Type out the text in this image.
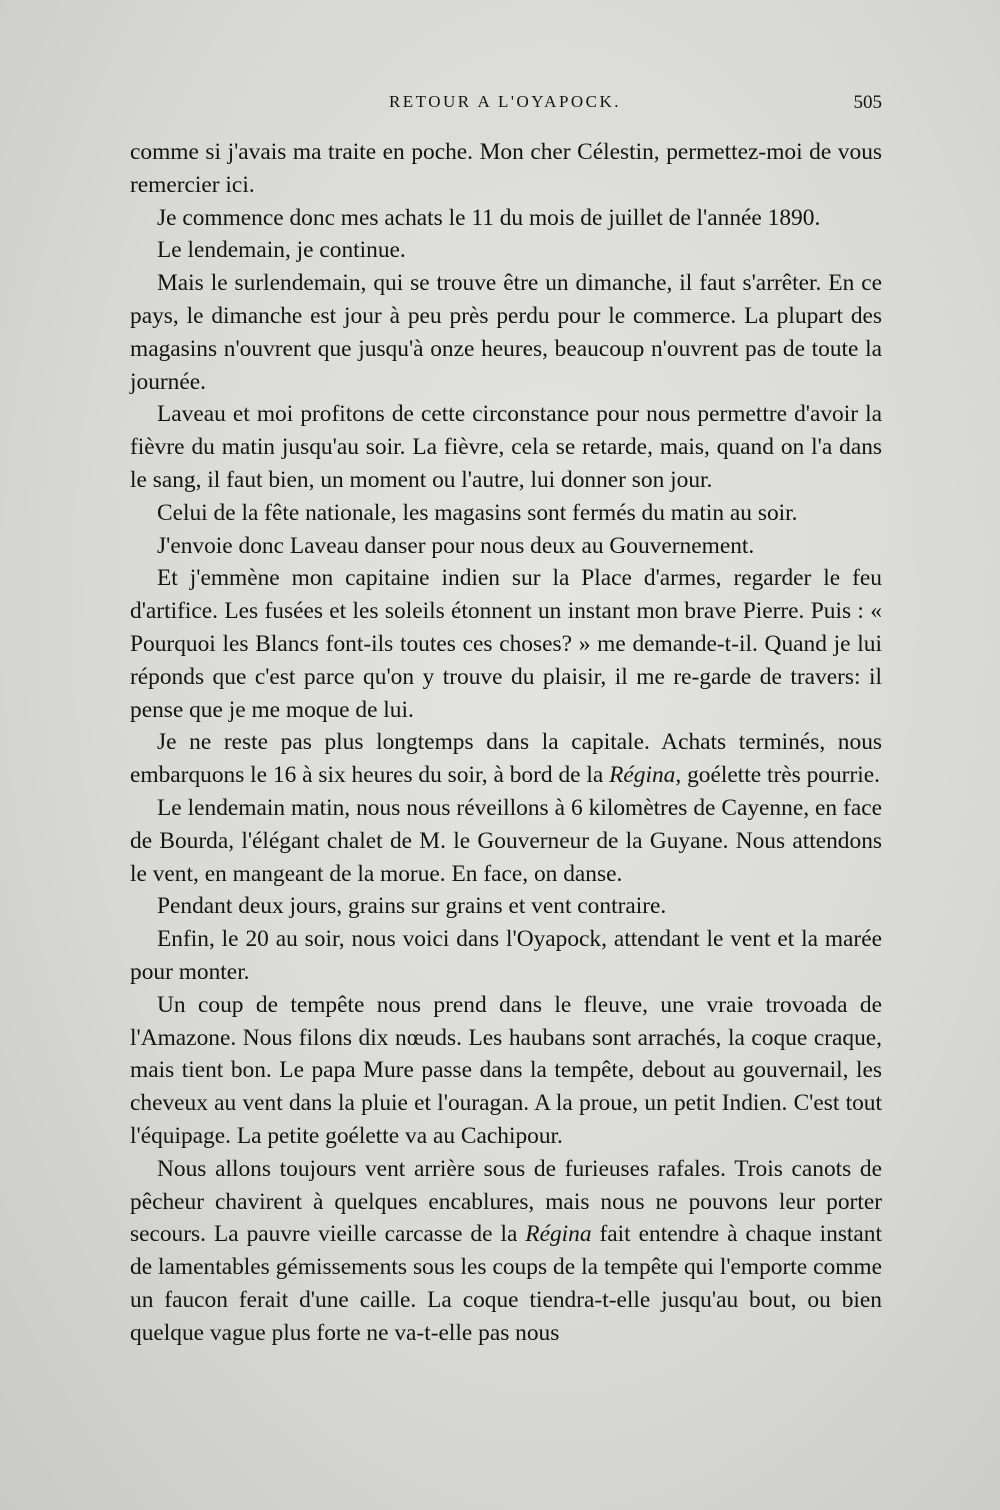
RETOUR A L'OYAPOCK.	505

comme si j'avais ma traite en poche. Mon cher Célestin, permettez-moi de vous remercier ici.

Je commence donc mes achats le 11 du mois de juillet de l'année 1890.

Le lendemain, je continue.

Mais le surlendemain, qui se trouve être un dimanche, il faut s'arrêter. En ce pays, le dimanche est jour à peu près perdu pour le commerce. La plupart des magasins n'ouvrent que jusqu'à onze heures, beaucoup n'ouvrent pas de toute la journée.

Laveau et moi profitons de cette circonstance pour nous permettre d'avoir la fièvre du matin jusqu'au soir. La fièvre, cela se retarde, mais, quand on l'a dans le sang, il faut bien, un moment ou l'autre, lui donner son jour.

Celui de la fête nationale, les magasins sont fermés du matin au soir.

J'envoie donc Laveau danser pour nous deux au Gouvernement.

Et j'emmène mon capitaine indien sur la Place d'armes, regarder le feu d'artifice. Les fusées et les soleils étonnent un instant mon brave Pierre. Puis : « Pourquoi les Blancs font-ils toutes ces choses? » me demande-t-il. Quand je lui réponds que c'est parce qu'on y trouve du plaisir, il me re-garde de travers: il pense que je me moque de lui.

Je ne reste pas plus longtemps dans la capitale. Achats terminés, nous embarquons le 16 à six heures du soir, à bord de la Régina, goélette très pourrie.

Le lendemain matin, nous nous réveillons à 6 kilomètres de Cayenne, en face de Bourda, l'élégant chalet de M. le Gouverneur de la Guyane. Nous attendons le vent, en mangeant de la morue. En face, on danse.

Pendant deux jours, grains sur grains et vent contraire.

Enfin, le 20 au soir, nous voici dans l'Oyapock, attendant le vent et la marée pour monter.

Un coup de tempête nous prend dans le fleuve, une vraie trovoada de l'Amazone. Nous filons dix nœuds. Les haubans sont arrachés, la coque craque, mais tient bon. Le papa Mure passe dans la tempête, debout au gouvernail, les cheveux au vent dans la pluie et l'ouragan. A la proue, un petit Indien. C'est tout l'équipage. La petite goélette va au Cachipour.

Nous allons toujours vent arrière sous de furieuses rafales. Trois canots de pêcheur chavirent à quelques encablures, mais nous ne pouvons leur porter secours. La pauvre vieille carcasse de la Régina fait entendre à chaque instant de lamentables gémissements sous les coups de la tempête qui l'emporte comme un faucon ferait d'une caille. La coque tiendra-t-elle jusqu'au bout, ou bien quelque vague plus forte ne va-t-elle pas nous
